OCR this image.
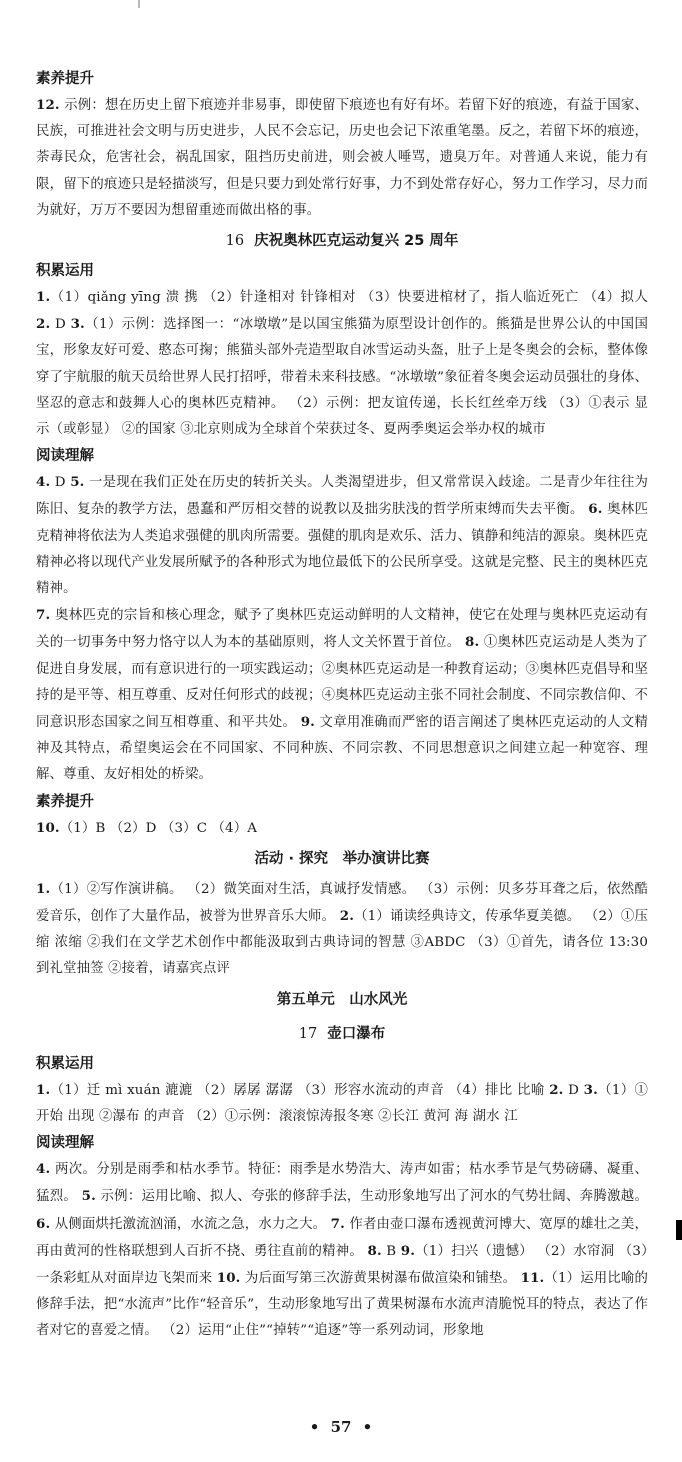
素养提升

12. 示例：想在历史上留下痕迹并非易事，即使留下痕迹也有好有坏。若留下好的痕迹，有益于国家、民族，可推进社会文明与历史进步，人民不会忘记，历史也会记下浓重笔墨。反之，若留下坏的痕迹，荼毒民众，危害社会，祸乱国家，阻挡历史前进，则会被人唾骂，遗臭万年。对普通人来说，能力有限，留下的痕迹只是轻描淡写，但是只要力到处常行好事，力不到处常存好心，努力工作学习，尽力而为就好，万万不要因为想留重迹而做出格的事。

16 庆祝奥林匹克运动复兴 25 周年
积累运用

1.（1）qiǎng yīng 溃 携 （2）针逢相对 针锋相对 （3）快要进棺材了，指人临近死亡 （4）拟人 2. D 3.（1）示例：选择图一：“冰墩墩”是以国宝熊猫为原型设计创作的。熊猫是世界公认的中国国宝，形象友好可爱、憨态可掬；熊猫头部外壳造型取自冰雪运动头盔，肚子上是冬奥会的会标，整体像穿了宇航服的航天员给世界人民打招呼，带着未来科技感。“冰墩墩”象征着冬奥会运动员强壮的身体、坚忍的意志和鼓舞人心的奥林匹克精神。 （2）示例：把友谊传递，长长红丝牵万线 （3）①表示 显示（或彰显） ②的国家 ③北京则成为全球首个荣获过冬、夏两季奥运会举办权的城市

阅读理解

4. D 5. 一是现在我们正处在历史的转折关头。人类渴望进步，但又常常误入歧途。二是青少年往往为陈旧、复杂的教学方法，愚蠢和严厉相交替的说教以及拙劣肤浅的哲学所束缚而失去平衡。 6. 奥林匹克精神将依法为人类追求强健的肌肉所需要。强健的肌肉是欢乐、活力、镇静和纯洁的源泉。奥林匹克精神必将以现代产业发展所赋予的各种形式为地位最低下的公民所享受。这就是完整、民主的奥林匹克精神。

7. 奥林匹克的宗旨和核心理念，赋予了奥林匹克运动鲜明的人文精神，使它在处理与奥林匹克运动有关的一切事务中努力恪守以人为本的基础原则，将人文关怀置于首位。 8. ①奥林匹克运动是人类为了促进自身发展，而有意识进行的一项实践运动；②奥林匹克运动是一种教育运动；③奥林匹克倡导和坚持的是平等、相互尊重、反对任何形式的歧视；④奥林匹克运动主张不同社会制度、不同宗教信仰、不同意识形态国家之间互相尊重、和平共处。 9. 文章用准确而严密的语言阐述了奥林匹克运动的人文精神及其特点，希望奥运会在不同国家、不同种族、不同宗教、不同思想意识之间建立起一种宽容、理解、尊重、友好相处的桥梁。

素养提升

10.（1）B （2）D （3）C （4）A

活动 · 探究　举办演讲比赛

1.（1）②写作演讲稿。 （2）微笑面对生活，真诚抒发情感。 （3）示例：贝多芬耳聋之后，依然酷爱音乐，创作了大量作品，被誉为世界音乐大师。 2.（1）诵读经典诗文，传承华夏美德。 （2）①压缩 浓缩 ②我们在文学艺术创作中都能汲取到古典诗词的智慧 ③ABDC （3）①首先，请各位 13:30 到礼堂抽签 ②接着，请嘉宾点评

第五单元　山水风光
17 壶口瀑布
积累运用

1.（1）迁 mì xuán 漉漉 （2）孱孱 潺潺 （3）形容水流动的声音 （4）排比 比喻 2. D 3.（1）①开始 出现 ②瀑布 的声音 （2）①示例：滚滚惊涛报冬寒 ②长江 黄河 海 湖水 江

阅读理解

4. 两次。分别是雨季和枯水季节。特征：雨季是水势浩大、涛声如雷；枯水季节是气势磅礴、凝重、猛烈。 5. 示例：运用比喻、拟人、夸张的修辞手法，生动形象地写出了河水的气势壮阔、奔腾激越。 6. 从侧面烘托激流汹涌，水流之急，水力之大。 7. 作者由壶口瀑布透视黄河博大、宽厚的雄壮之美，再由黄河的性格联想到人百折不挠、勇往直前的精神。 8. B 9.（1）扫兴（遗憾） （2）水帘洞 （3）一条彩虹从对面岸边飞架而来 10. 为后面写第三次游黄果树瀑布做渲染和铺垫。 11.（1）运用比喻的修辞手法，把“水流声”比作“轻音乐”，生动形象地写出了黄果树瀑布水流声清脆悦耳的特点，表达了作者对它的喜爱之情。 （2）运用“止住”“掉转”“追逐”等一系列动词，形象地

• 57 •
